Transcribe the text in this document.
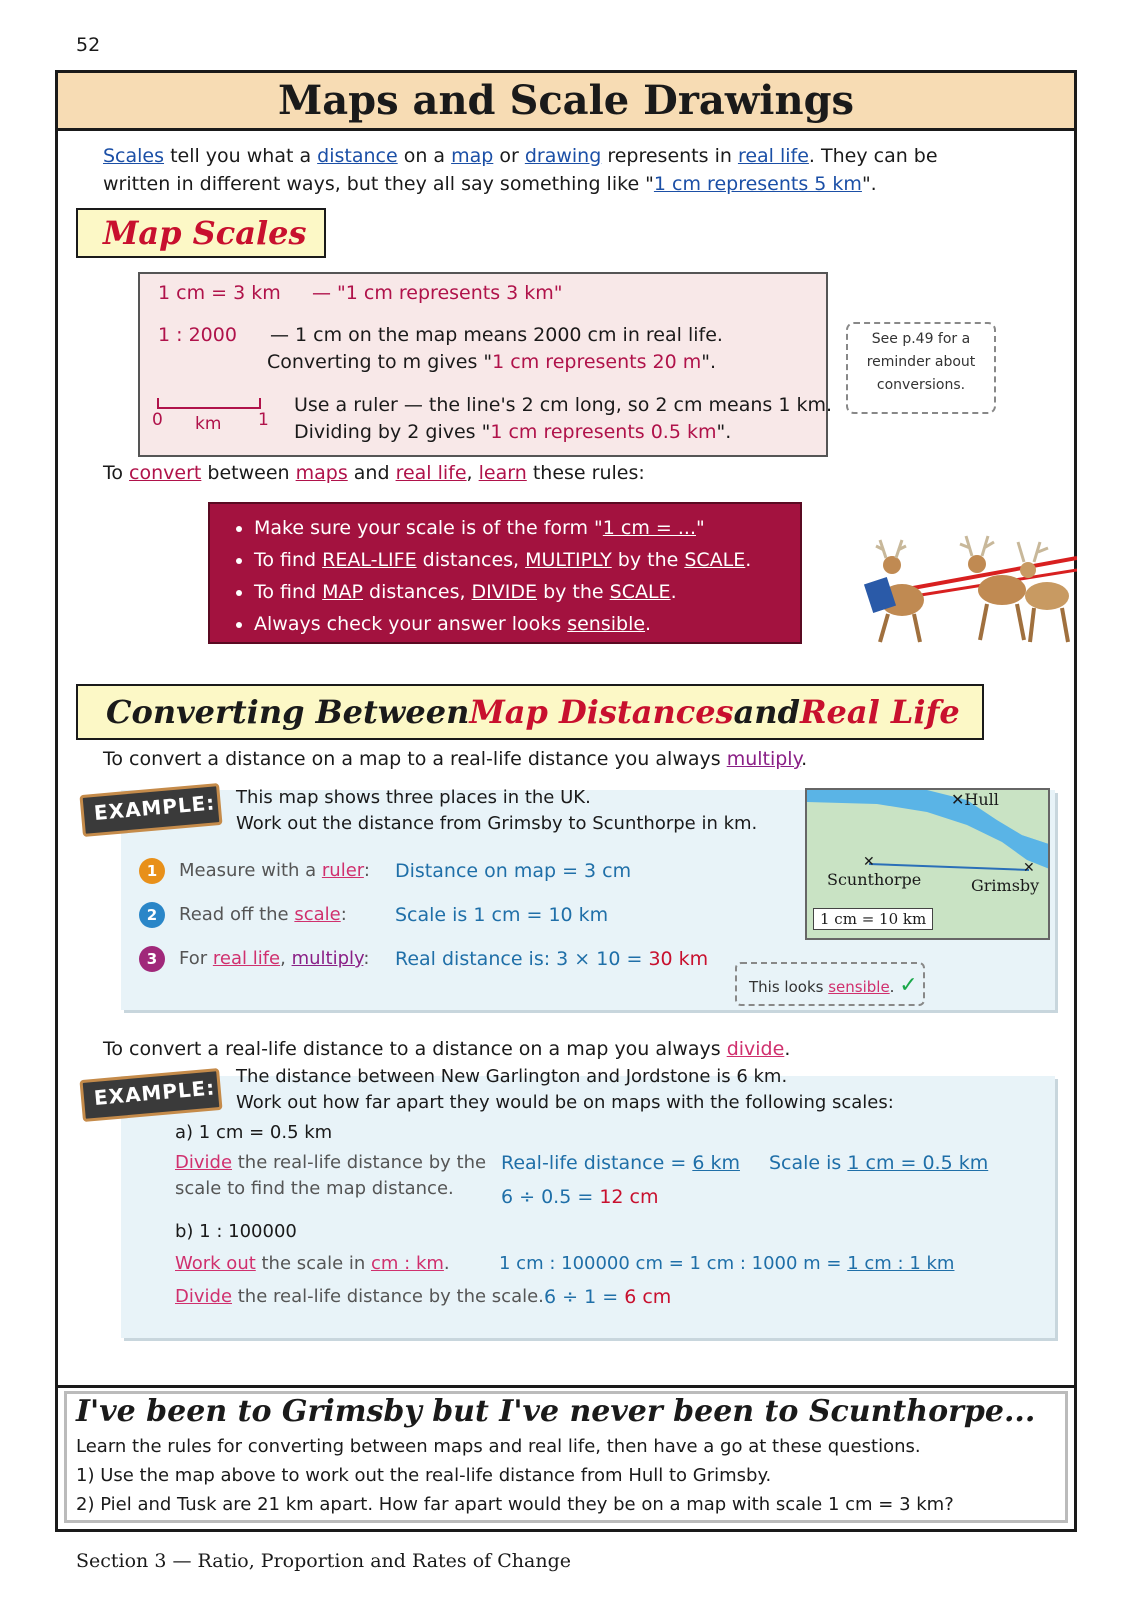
52
Maps and Scale Drawings
Scales tell you what a distance on a map or drawing represents in real life. They can be
written in different ways, but they all say something like "1 cm represents 5 km".
Map Scales
1 cm = 3 km — "1 cm represents 3 km"
1 : 2000 — 1 cm on the map means 2000 cm in real life.
Converting to m gives "1 cm represents 20 m".
0 km 1
Use a ruler — the line's 2 cm long, so 2 cm means 1 km.
Dividing by 2 gives "1 cm represents 0.5 km".
See p.49 for a
reminder about
conversions.
To convert between maps and real life, learn these rules:
• Make sure your scale is of the form "1 cm = ..."
• To find REAL-LIFE distances, MULTIPLY by the SCALE.
• To find MAP distances, DIVIDE by the SCALE.
• Always check your answer looks sensible.
Converting Between Map Distances and Real Life
To convert a distance on a map to a real-life distance you always multiply.
This map shows three places in the UK.
Work out the distance from Grimsby to Scunthorpe in km.
1 Measure with a ruler: Distance on map = 3 cm
2 Read off the scale:	Scale is 1 cm = 10 km
3 For real life, multiply: Real distance is: 3 × 10 = 30 km
EXAMPLE:	✕Hull
✕	✕
Scunthorpe	Grimsby
1 cm = 10 km
This looks sensible. ✓
To convert a real-life distance to a distance on a map you always divide.
The distance between New Garlington and Jordstone is 6 km.
Work out how far apart they would be on maps with the following scales:
a) 1 cm = 0.5 km
Divide the real-life distance by the
scale to find the map distance.
Real-life distance = 6 km Scale is 1 cm = 0.5 km
6 ÷ 0.5 = 12 cm
b) 1 : 100000
Work out the scale in cm : km.	1 cm : 100000 cm = 1 cm : 1000 m = 1 cm : 1 km
Divide the real-life distance by the scale. 6 ÷ 1 = 6 cm
EXAMPLE:
I've been to Grimsby but I've never been to Scunthorpe...
Learn the rules for converting between maps and real life, then have a go at these questions.
1) Use the map above to work out the real-life distance from Hull to Grimsby.
2) Piel and Tusk are 21 km apart. How far apart would they be on a map with scale 1 cm = 3 km?
Section 3 — Ratio, Proportion and Rates of Change
